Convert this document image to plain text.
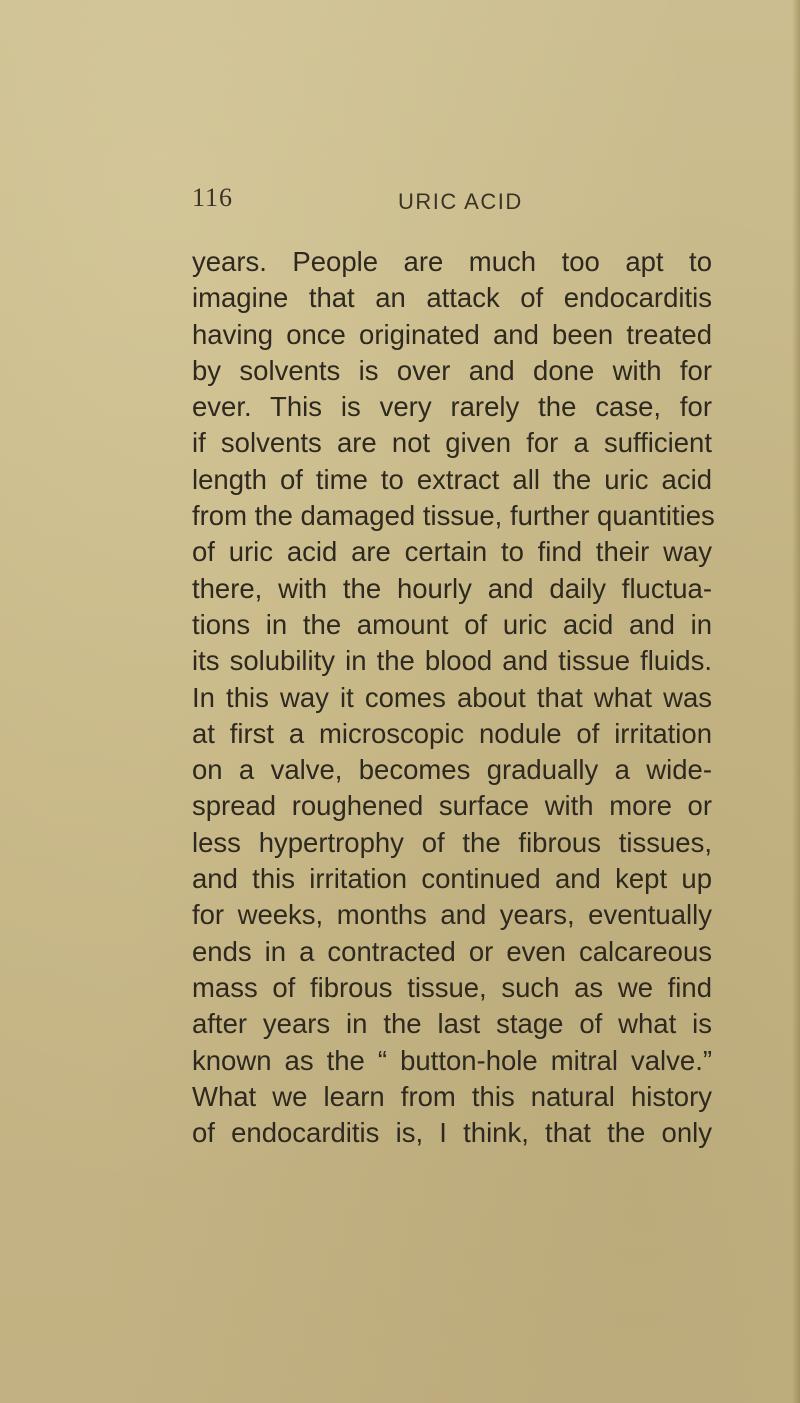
116	URIC ACID
years. People are much too apt to
imagine that an attack of endocarditis
having once originated and been treated
by solvents is over and done with for
ever. This is very rarely the case, for
if solvents are not given for a sufficient
length of time to extract all the uric acid
from the damaged tissue, further quantities
of uric acid are certain to find their way
there, with the hourly and daily fluctua-
tions in the amount of uric acid and in
its solubility in the blood and tissue fluids.
In this way it comes about that what was
at first a microscopic nodule of irritation
on a valve, becomes gradually a wide-
spread roughened surface with more or
less hypertrophy of the fibrous tissues,
and this irritation continued and kept up
for weeks, months and years, eventually
ends in a contracted or even calcareous
mass of fibrous tissue, such as we find
after years in the last stage of what is
known as the “ button-hole mitral valve.”
What we learn from this natural history
of endocarditis is, I think, that the only
